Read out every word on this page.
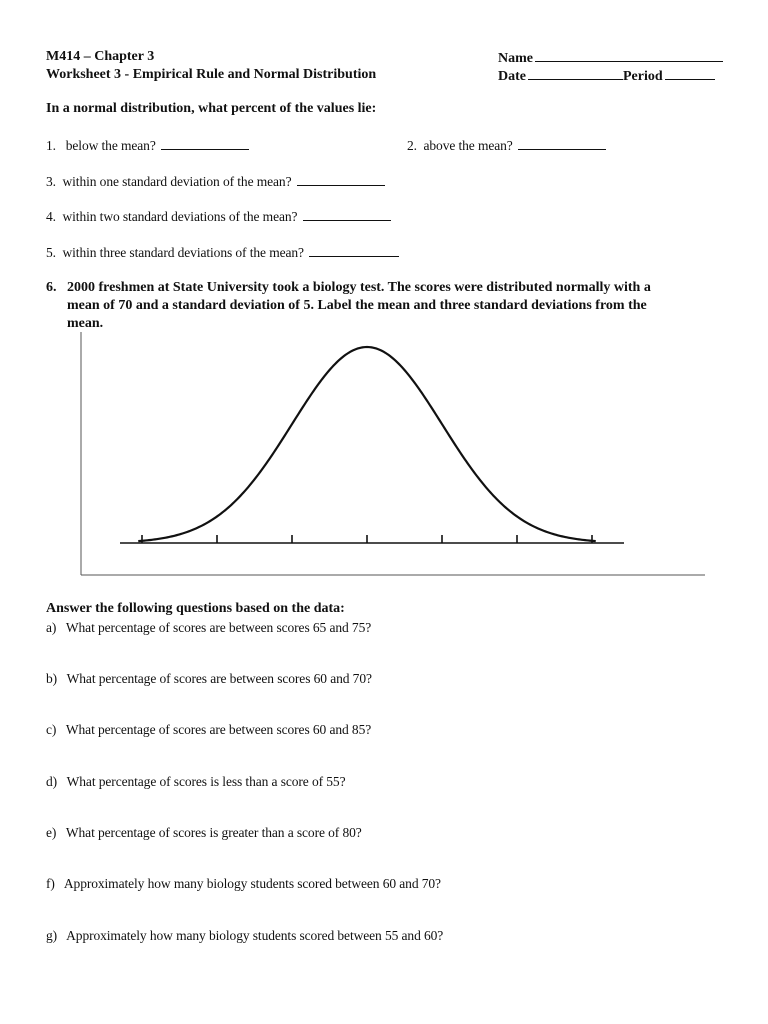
M414 – Chapter 3
Worksheet 3 - Empirical Rule and Normal Distribution
Name
Date	Period
In a normal distribution, what percent of the values lie:
1. below the mean?	2. above the mean?
3. within one standard deviation of the mean?
4. within two standard deviations of the mean?
5. within three standard deviations of the mean?
6. 2000 freshmen at State University took a biology test. The scores were distributed normally with a
mean of 70 and a standard deviation of 5. Label the mean and three standard deviations from the
mean.
Answer the following questions based on the data:
a) What percentage of scores are between scores 65 and 75?
b) What percentage of scores are between scores 60 and 70?
c) What percentage of scores are between scores 60 and 85?
d) What percentage of scores is less than a score of 55?
e) What percentage of scores is greater than a score of 80?
f) Approximately how many biology students scored between 60 and 70?
g) Approximately how many biology students scored between 55 and 60?
